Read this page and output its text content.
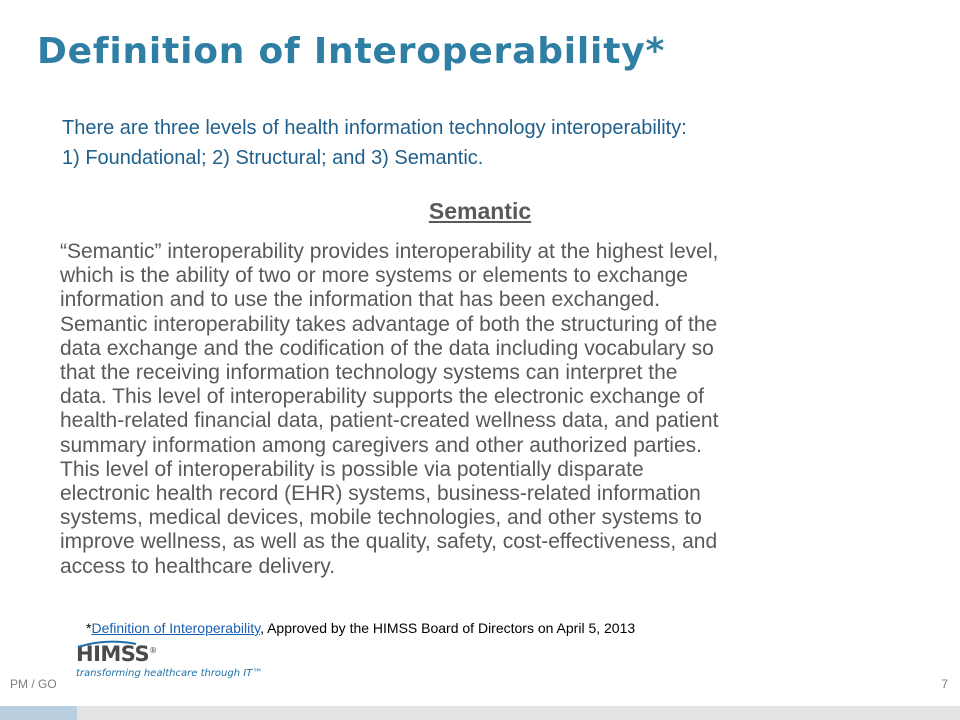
Definition of Interoperability*

There are three levels of health information technology interoperability:
1) Foundational; 2) Structural; and 3) Semantic.

Semantic

“Semantic” interoperability provides interoperability at the highest level,
which is the ability of two or more systems or elements to exchange
information and to use the information that has been exchanged.
Semantic interoperability takes advantage of both the structuring of the
data exchange and the codification of the data including vocabulary so
that the receiving information technology systems can interpret the
data. This level of interoperability supports the electronic exchange of
health-related financial data, patient-created wellness data, and patient
summary information among caregivers and other authorized parties.
This level of interoperability is possible via potentially disparate
electronic health record (EHR) systems, business-related information
systems, medical devices, mobile technologies, and other systems to
improve wellness, as well as the quality, safety, cost-effectiveness, and
access to healthcare delivery.

*Definition of Interoperability, Approved by the HIMSS Board of Directors on April 5, 2013

HIMSS®
transforming healthcare through IT™
PM / GO	7
